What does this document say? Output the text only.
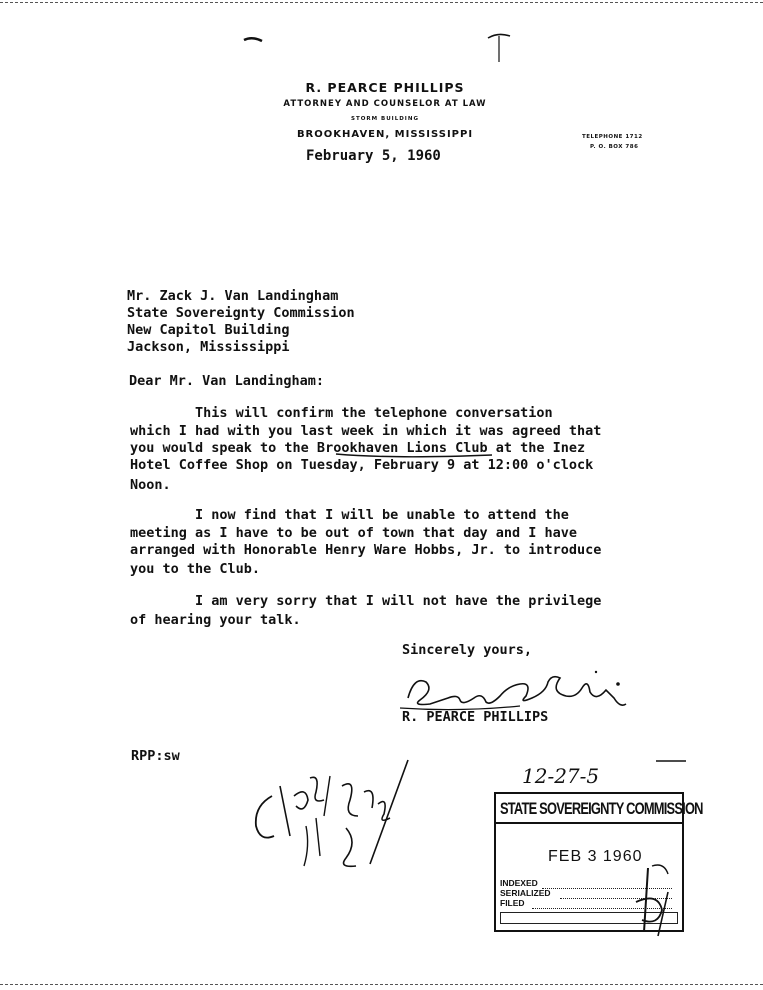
R. PEARCE PHILLIPS
ATTORNEY AND COUNSELOR AT LAW
STORM BUILDING
BROOKHAVEN, MISSISSIPPI	TELEPHONE 1712
P. O. BOX 786
February 5, 1960
Mr. Zack J. Van Landingham
State Sovereignty Commission
New Capitol Building
Jackson, Mississippi
Dear Mr. Van Landingham:
This will confirm the telephone conversation
which I had with you last week in which it was agreed that
you would speak to the Brookhaven Lions Club at the Inez
Hotel Coffee Shop on Tuesday, February 9 at 12:00 o'clock
Noon.
I now find that I will be unable to attend the
meeting as I have to be out of town that day and I have
arranged with Honorable Henry Ware Hobbs, Jr. to introduce
you to the Club.
I am very sorry that I will not have the privilege
of hearing your talk.
Sincerely yours,
R. PEARCE PHILLIPS
RPP:sw
12-27-5
STATE SOVEREIGNTY COMMISSION
FEB 3 1960
INDEXED
SERIALIZED
FILED
